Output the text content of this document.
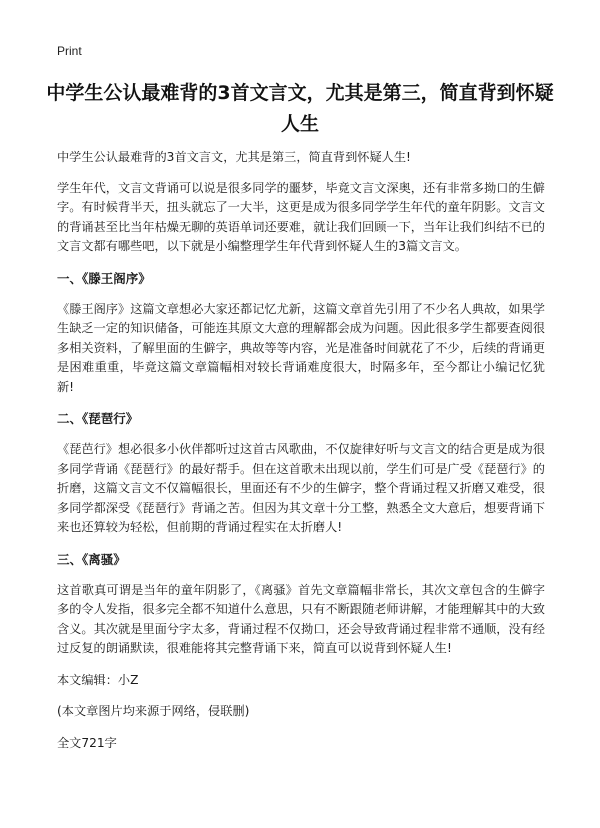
Print
中学生公认最难背的3首文言文，尤其是第三，简直背到怀疑人生

中学生公认最难背的3首文言文，尤其是第三，简直背到怀疑人生!

学生年代，文言文背诵可以说是很多同学的噩梦，毕竟文言文深奥，还有非常多拗口的生僻字。有时候背半天，扭头就忘了一大半，这更是成为很多同学学生年代的童年阴影。文言文的背诵甚至比当年枯燥无聊的英语单词还要难，就让我们回顾一下，当年让我们纠结不已的文言文都有哪些吧，以下就是小编整理学生年代背到怀疑人生的3篇文言文。

一、《滕王阁序》

《滕王阁序》这篇文章想必大家还都记忆尤新，这篇文章首先引用了不少名人典故，如果学生缺乏一定的知识储备，可能连其原文大意的理解都会成为问题。因此很多学生都要查阅很多相关资料，了解里面的生僻字，典故等等内容，光是准备时间就花了不少，后续的背诵更是困难重重，毕竟这篇文章篇幅相对较长背诵难度很大，时隔多年，至今都让小编记忆犹新!

二、《琵琶行》

《琵芭行》想必很多小伙伴都听过这首古风歌曲，不仅旋律好听与文言文的结合更是成为很多同学背诵《琵琶行》的最好帮手。但在这首歌未出现以前，学生们可是广受《琵琶行》的折磨，这篇文言文不仅篇幅很长，里面还有不少的生僻字，整个背诵过程又折磨又难受，很多同学都深受《琵琶行》背诵之苦。但因为其文章十分工整，熟悉全文大意后，想要背诵下来也还算较为轻松，但前期的背诵过程实在太折磨人!

三、《离骚》

这首歌真可谓是当年的童年阴影了，《离骚》首先文章篇幅非常长，其次文章包含的生僻字多的令人发指，很多完全都不知道什么意思，只有不断跟随老师讲解，才能理解其中的大致含义。其次就是里面兮字太多，背诵过程不仅拗口，还会导致背诵过程非常不通顺，没有经过反复的朗诵默读，很难能将其完整背诵下来，简直可以说背到怀疑人生!

本文编辑：小Z

(本文章图片均来源于网络，侵联删)

全文721字
